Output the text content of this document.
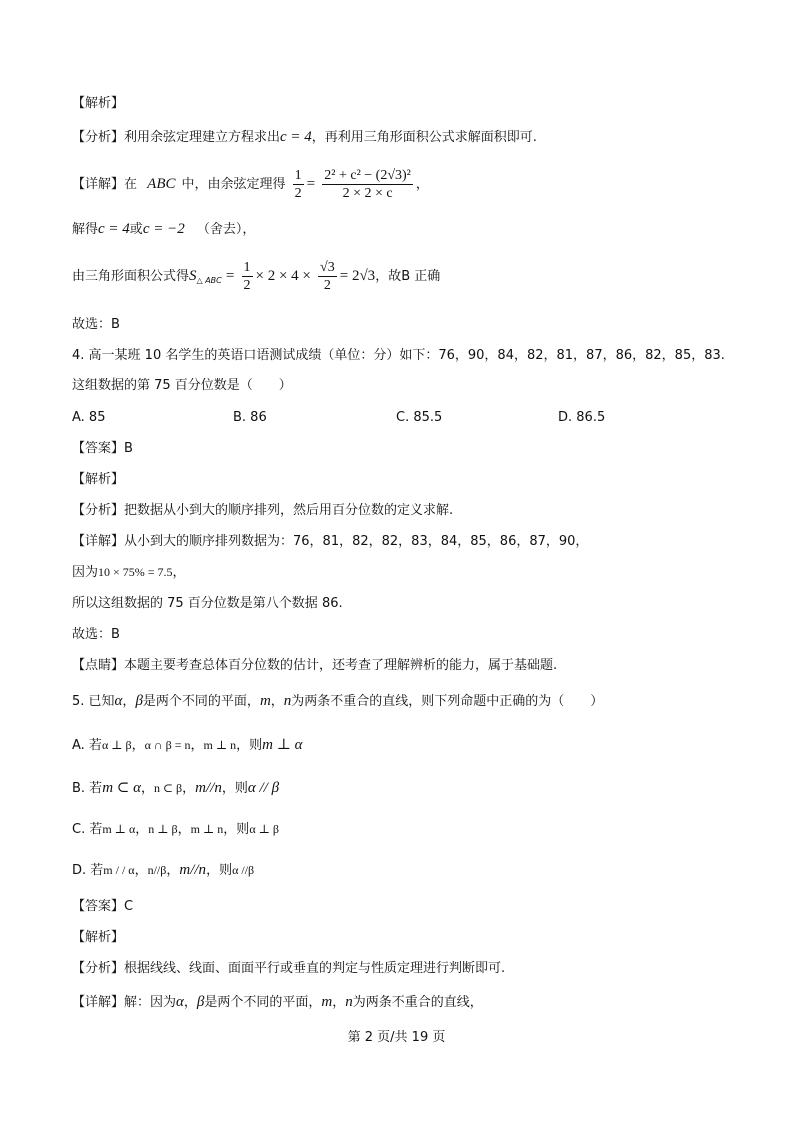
【解析】
【分析】利用余弦定理建立方程求出c = 4，再利用三角形面积公式求解面积即可.
【详解】在 ABC 中，由余弦定理得 $\frac{1}{2} = \frac{\text{2² + c² − (2√3)²}}{2 \times 2 \times c}$ ，
解得c = 4或c = −2 （舍去），
由三角形面积公式得$S_{\triangle ABC} = \frac{1}{2} \times 2 \times 4 \times \frac{√3}{2} = 2√3$，故B 正确
故选：B
4. 高一某班 10 名学生的英语口语测试成绩（单位：分）如下：76，90，84，82，81，87，86，82，85，83.
这组数据的第 75 百分位数是（　　）
A. 85	B. 86	C. 85.5	D. 86.5
【答案】B
【解析】
【分析】把数据从小到大的顺序排列，然后用百分位数的定义求解.
【详解】从小到大的顺序排列数据为：76，81，82，82，83，84，85，86，87，90，
因为10 × 75% = 7.5，
所以这组数据的 75 百分位数是第八个数据 86.
故选：B
【点睛】本题主要考查总体百分位数的估计，还考查了理解辨析的能力，属于基础题.
5. 已知α，β是两个不同的平面，m，n为两条不重合的直线，则下列命题中正确的为（　　）
A. 若α ⊥ β，α ∩ β = n，m ⊥ n，则m ⊥ α
B. 若m ⊂ α，n ⊂ β，m//n，则α // β
C. 若m ⊥ α，n ⊥ β，m ⊥ n，则α ⊥ β
D. 若m / / α，n//β，m//n，则α //β
【答案】C
【解析】
【分析】根据线线、线面、面面平行或垂直的判定与性质定理进行判断即可.
【详解】解：因为α，β是两个不同的平面，m，n为两条不重合的直线，
第 2 页/共 19 页
